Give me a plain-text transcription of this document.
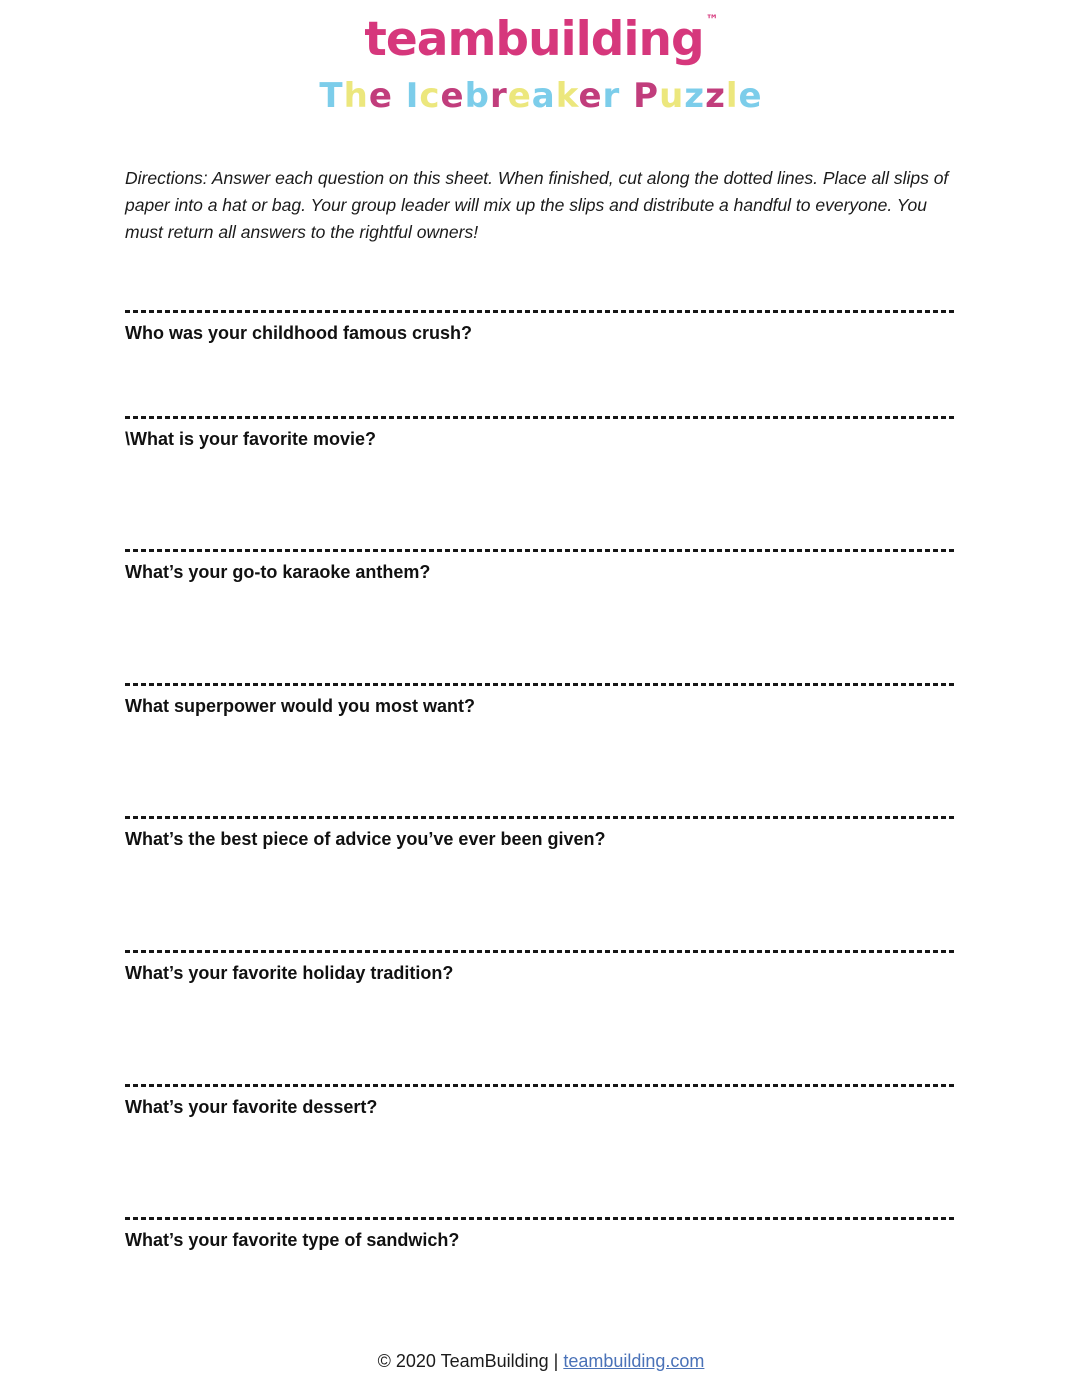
teambuilding ™
The Icebreaker Puzzle

Directions: Answer each question on this sheet. When finished, cut along the dotted lines. Place all slips of paper into a hat or bag. Your group leader will mix up the slips and distribute a handful to everyone. You must return all answers to the rightful owners!

Who was your childhood famous crush?
\What is your favorite movie?
What’s your go-to karaoke anthem?
What superpower would you most want?
What’s the best piece of advice you’ve ever been given?
What’s your favorite holiday tradition?
What’s your favorite dessert?
What’s your favorite type of sandwich?
© 2020 TeamBuilding | teambuilding.com
